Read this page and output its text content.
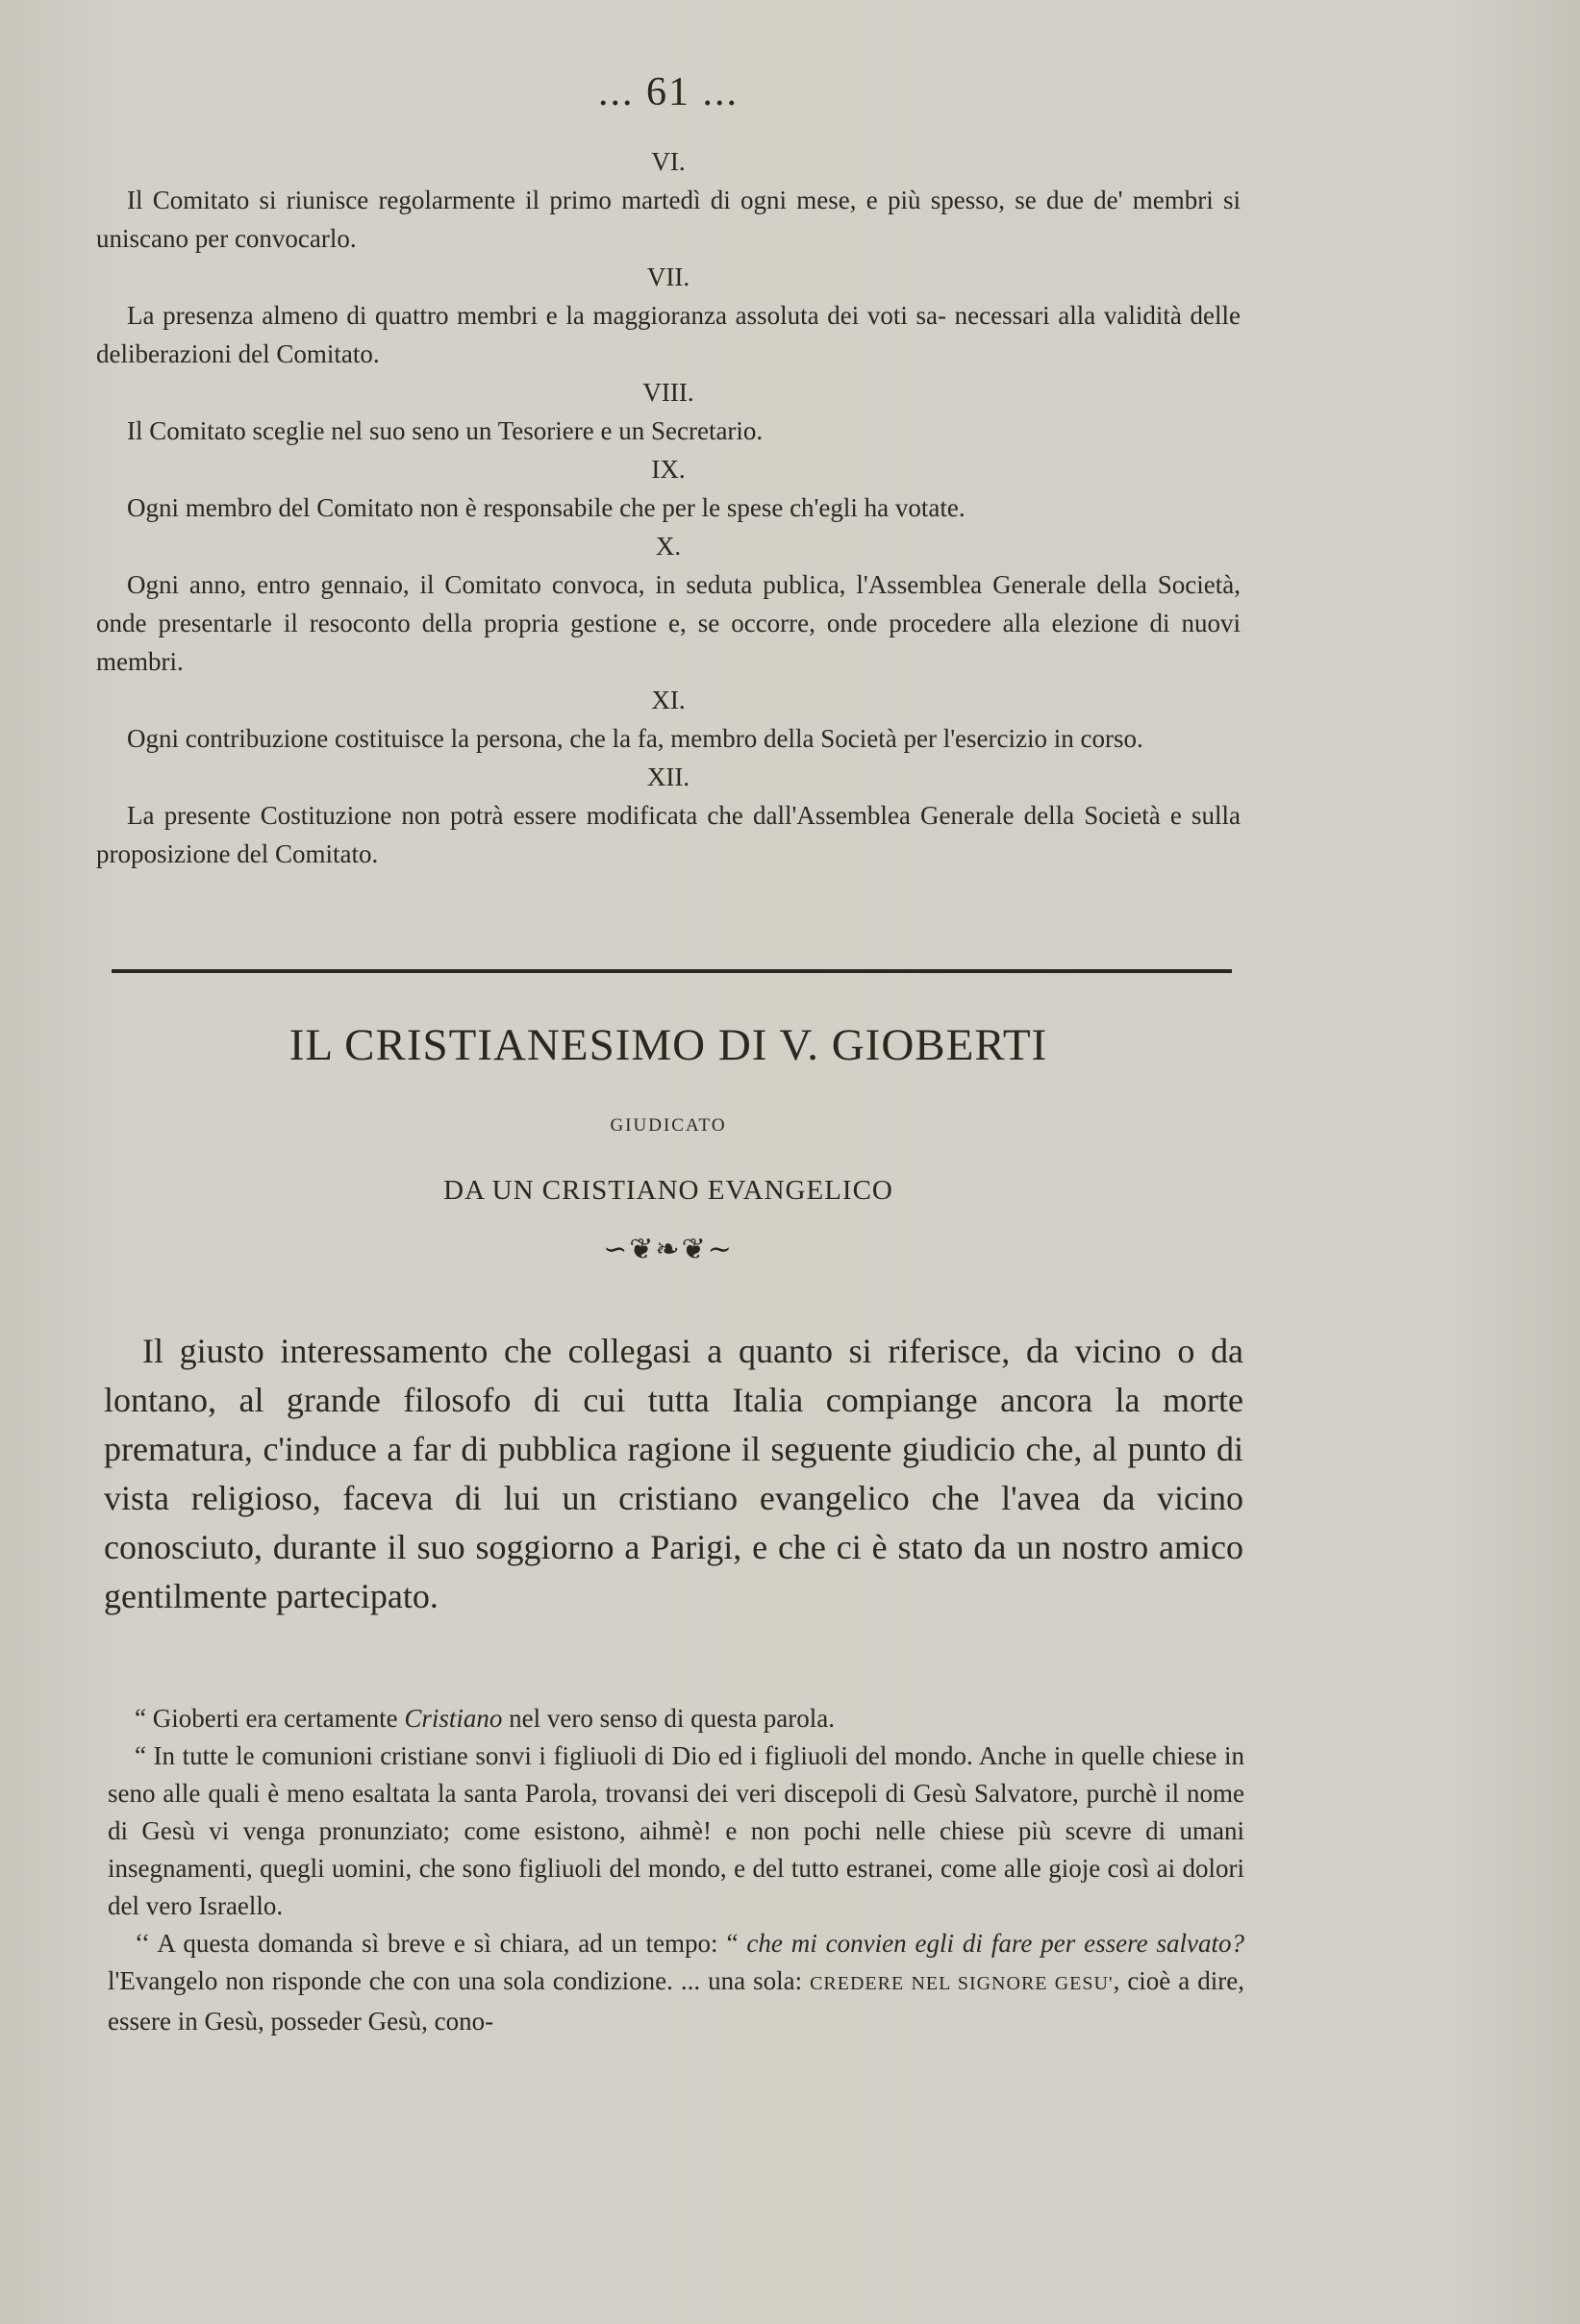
... 61 ...
VI.

Il Comitato si riunisce regolarmente il primo martedì di ogni mese, e più spesso, se due de' membri si uniscano per convocarlo.

VII.

La presenza almeno di quattro membri e la maggioranza assoluta dei voti sa- necessari alla validità delle deliberazioni del Comitato.

VIII.

Il Comitato sceglie nel suo seno un Tesoriere e un Secretario.

IX.

Ogni membro del Comitato non è responsabile che per le spese ch'egli ha votate.

X.

Ogni anno, entro gennaio, il Comitato convoca, in seduta publica, l'Assemblea Generale della Società, onde presentarle il resoconto della propria gestione e, se occorre, onde procedere alla elezione di nuovi membri.

XI.

Ogni contribuzione costituisce la persona, che la fa, membro della Società per l'esercizio in corso.

XII.

La presente Costituzione non potrà essere modificata che dall'Assemblea Generale della Società e sulla proposizione del Comitato.

IL CRISTIANESIMO DI V. GIOBERTI
GIUDICATO
DA UN CRISTIANO EVANGELICO
∽❦❧❦∼

Il giusto interessamento che collegasi a quanto si riferisce, da vicino o da lontano, al grande filosofo di cui tutta Italia compiange ancora la morte prematura, c'induce a far di pubblica ragione il seguente giudicio che, al punto di vista religioso, faceva di lui un cristiano evangelico che l'avea da vicino conosciuto, durante il suo soggiorno a Parigi, e che ci è stato da un nostro amico gentilmente partecipato.

“ Gioberti era certamente Cristiano nel vero senso di questa parola.

“ In tutte le comunioni cristiane sonvi i figliuoli di Dio ed i figliuoli del mondo. Anche in quelle chiese in seno alle quali è meno esaltata la santa Parola, trovansi dei veri discepoli di Gesù Salvatore, purchè il nome di Gesù vi venga pronunziato; come esistono, aihmè! e non pochi nelle chiese più scevre di umani insegnamenti, quegli uomini, che sono figliuoli del mondo, e del tutto estranei, come alle gioje così ai dolori del vero Israello.

‘‘ A questa domanda sì breve e sì chiara, ad un tempo: “ che mi convien egli di fare per essere salvato? l'Evangelo non risponde che con una sola condizione. ... una sola: CREDERE NEL SIGNORE GESU', cioè a dire, essere in Gesù, posseder Gesù, cono-
